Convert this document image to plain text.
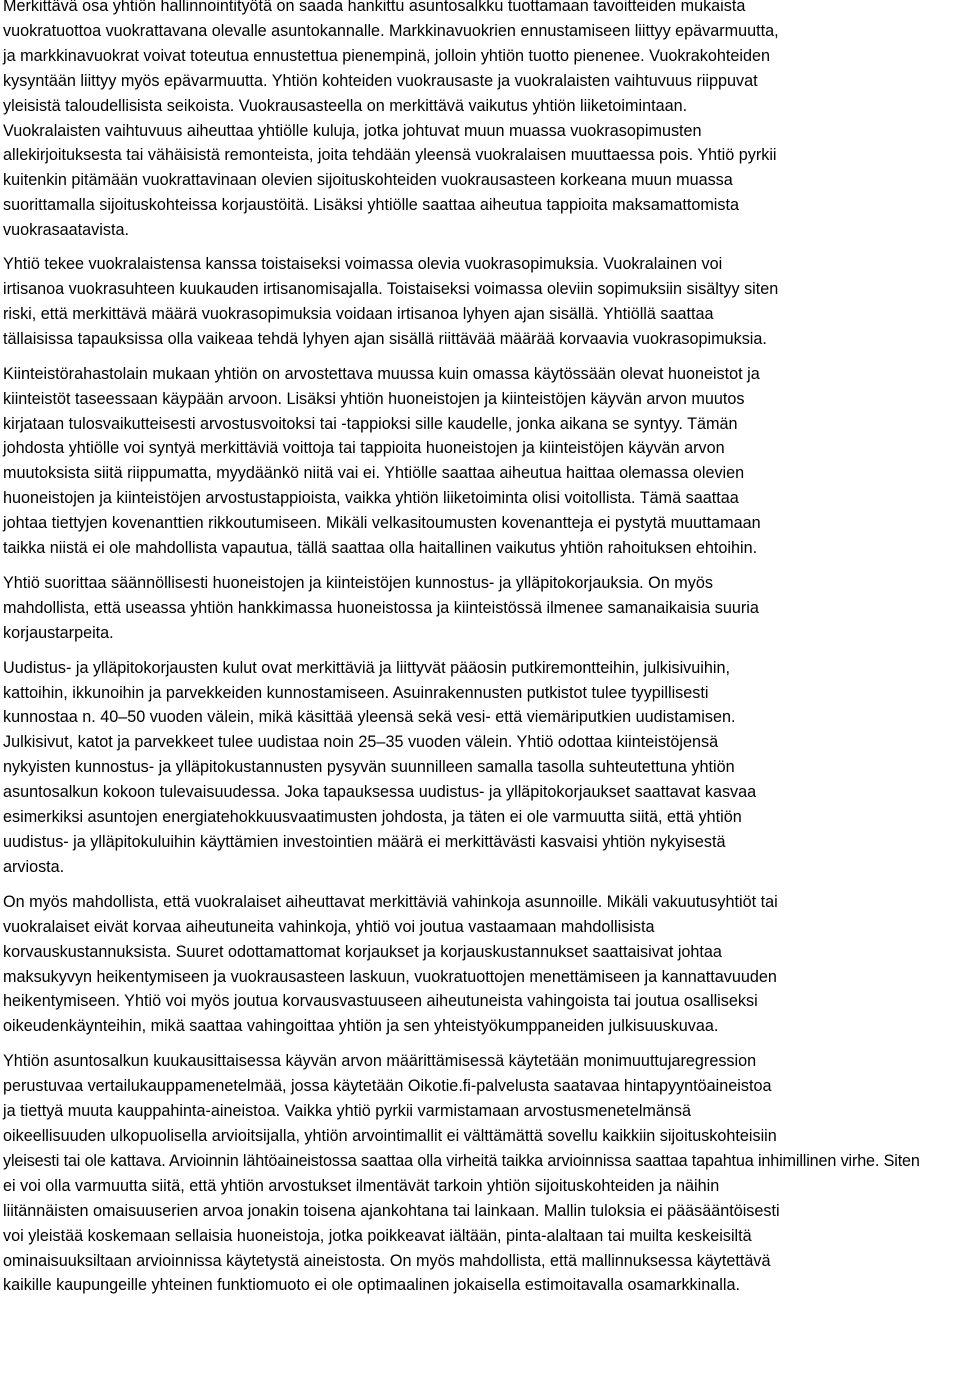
Merkittävä osa yhtiön hallinnointityötä on saada hankittu asuntosalkku tuottamaan tavoitteiden mukaista
vuokratuottoa vuokrattavana olevalle asuntokannalle. Markkinavuokrien ennustamiseen liittyy epävarmuutta,
ja markkinavuokrat voivat toteutua ennustettua pienempinä, jolloin yhtiön tuotto pienenee. Vuokrakohteiden
kysyntään liittyy myös epävarmuutta. Yhtiön kohteiden vuokrausaste ja vuokralaisten vaihtuvuus riippuvat
yleisistä taloudellisista seikoista. Vuokrausasteella on merkittävä vaikutus yhtiön liiketoimintaan.
Vuokralaisten vaihtuvuus aiheuttaa yhtiölle kuluja, jotka johtuvat muun muassa vuokrasopimusten
allekirjoituksesta tai vähäisistä remonteista, joita tehdään yleensä vuokralaisen muuttaessa pois. Yhtiö pyrkii
kuitenkin pitämään vuokrattavinaan olevien sijoituskohteiden vuokrausasteen korkeana muun muassa
suorittamalla sijoituskohteissa korjaustöitä. Lisäksi yhtiölle saattaa aiheutua tappioita maksamattomista
vuokrasaatavista.

Yhtiö tekee vuokralaistensa kanssa toistaiseksi voimassa olevia vuokrasopimuksia. Vuokralainen voi
irtisanoa vuokrasuhteen kuukauden irtisanomisajalla. Toistaiseksi voimassa oleviin sopimuksiin sisältyy siten
riski, että merkittävä määrä vuokrasopimuksia voidaan irtisanoa lyhyen ajan sisällä. Yhtiöllä saattaa
tällaisissa tapauksissa olla vaikeaa tehdä lyhyen ajan sisällä riittävää määrää korvaavia vuokrasopimuksia.

Kiinteistörahastolain mukaan yhtiön on arvostettava muussa kuin omassa käytössään olevat huoneistot ja
kiinteistöt taseessaan käypään arvoon. Lisäksi yhtiön huoneistojen ja kiinteistöjen käyvän arvon muutos
kirjataan tulosvaikutteisesti arvostusvoitoksi tai -tappioksi sille kaudelle, jonka aikana se syntyy. Tämän
johdosta yhtiölle voi syntyä merkittäviä voittoja tai tappioita huoneistojen ja kiinteistöjen käyvän arvon
muutoksista siitä riippumatta, myydäänkö niitä vai ei. Yhtiölle saattaa aiheutua haittaa olemassa olevien
huoneistojen ja kiinteistöjen arvostustappioista, vaikka yhtiön liiketoiminta olisi voitollista. Tämä saattaa
johtaa tiettyjen kovenanttien rikkoutumiseen. Mikäli velkasitoumusten kovenantteja ei pystytä muuttamaan
taikka niistä ei ole mahdollista vapautua, tällä saattaa olla haitallinen vaikutus yhtiön rahoituksen ehtoihin.

Yhtiö suorittaa säännöllisesti huoneistojen ja kiinteistöjen kunnostus- ja ylläpitokorjauksia. On myös
mahdollista, että useassa yhtiön hankkimassa huoneistossa ja kiinteistössä ilmenee samanaikaisia suuria
korjaustarpeita.

Uudistus- ja ylläpitokorjausten kulut ovat merkittäviä ja liittyvät pääosin putkiremontteihin, julkisivuihin,
kattoihin, ikkunoihin ja parvekkeiden kunnostamiseen. Asuinrakennusten putkistot tulee tyypillisesti
kunnostaa n. 40–50 vuoden välein, mikä käsittää yleensä sekä vesi- että viemäriputkien uudistamisen.
Julkisivut, katot ja parvekkeet tulee uudistaa noin 25–35 vuoden välein. Yhtiö odottaa kiinteistöjensä
nykyisten kunnostus- ja ylläpitokustannusten pysyvän suunnilleen samalla tasolla suhteutettuna yhtiön
asuntosalkun kokoon tulevaisuudessa. Joka tapauksessa uudistus- ja ylläpitokorjaukset saattavat kasvaa
esimerkiksi asuntojen energiatehokkuusvaatimusten johdosta, ja täten ei ole varmuutta siitä, että yhtiön
uudistus- ja ylläpitokuluihin käyttämien investointien määrä ei merkittävästi kasvaisi yhtiön nykyisestä
arviosta.

On myös mahdollista, että vuokralaiset aiheuttavat merkittäviä vahinkoja asunnoille. Mikäli vakuutusyhtiöt tai
vuokralaiset eivät korvaa aiheutuneita vahinkoja, yhtiö voi joutua vastaamaan mahdollisista
korvauskustannuksista. Suuret odottamattomat korjaukset ja korjauskustannukset saattaisivat johtaa
maksukyvyn heikentymiseen ja vuokrausasteen laskuun, vuokratuottojen menettämiseen ja kannattavuuden
heikentymiseen. Yhtiö voi myös joutua korvausvastuuseen aiheutuneista vahingoista tai joutua osalliseksi
oikeudenkäynteihin, mikä saattaa vahingoittaa yhtiön ja sen yhteistyökumppaneiden julkisuuskuvaa.

Yhtiön asuntosalkun kuukausittaisessa käyvän arvon määrittämisessä käytetään monimuuttujaregression
perustuvaa vertailukauppamenetelmää, jossa käytetään Oikotie.fi-palvelusta saatavaa hintapyyntöaineistoa
ja tiettyä muuta kauppahinta-aineistoa. Vaikka yhtiö pyrkii varmistamaan arvostusmenetelmänsä
oikeellisuuden ulkopuolisella arvioitsijalla, yhtiön arvointimallit ei välttämättä sovellu kaikkiin sijoituskohteisiin
yleisesti tai ole kattava. Arvioinnin lähtöaineistossa saattaa olla virheitä taikka arvioinnissa saattaa tapahtua inhimillinen virhe. Siten
ei voi olla varmuutta siitä, että yhtiön arvostukset ilmentävät tarkoin yhtiön sijoituskohteiden ja näihin
liitännäisten omaisuuserien arvoa jonakin toisena ajankohtana tai lainkaan. Mallin tuloksia ei pääsääntöisesti
voi yleistää koskemaan sellaisia huoneistoja, jotka poikkeavat iältään, pinta-alaltaan tai muilta keskeisiltä
ominaisuuksiltaan arvioinnissa käytetystä aineistosta. On myös mahdollista, että mallinnuksessa käytettävä
kaikille kaupungeille yhteinen funktiomuoto ei ole optimaalinen jokaisella estimoitavalla osamarkkinalla.
